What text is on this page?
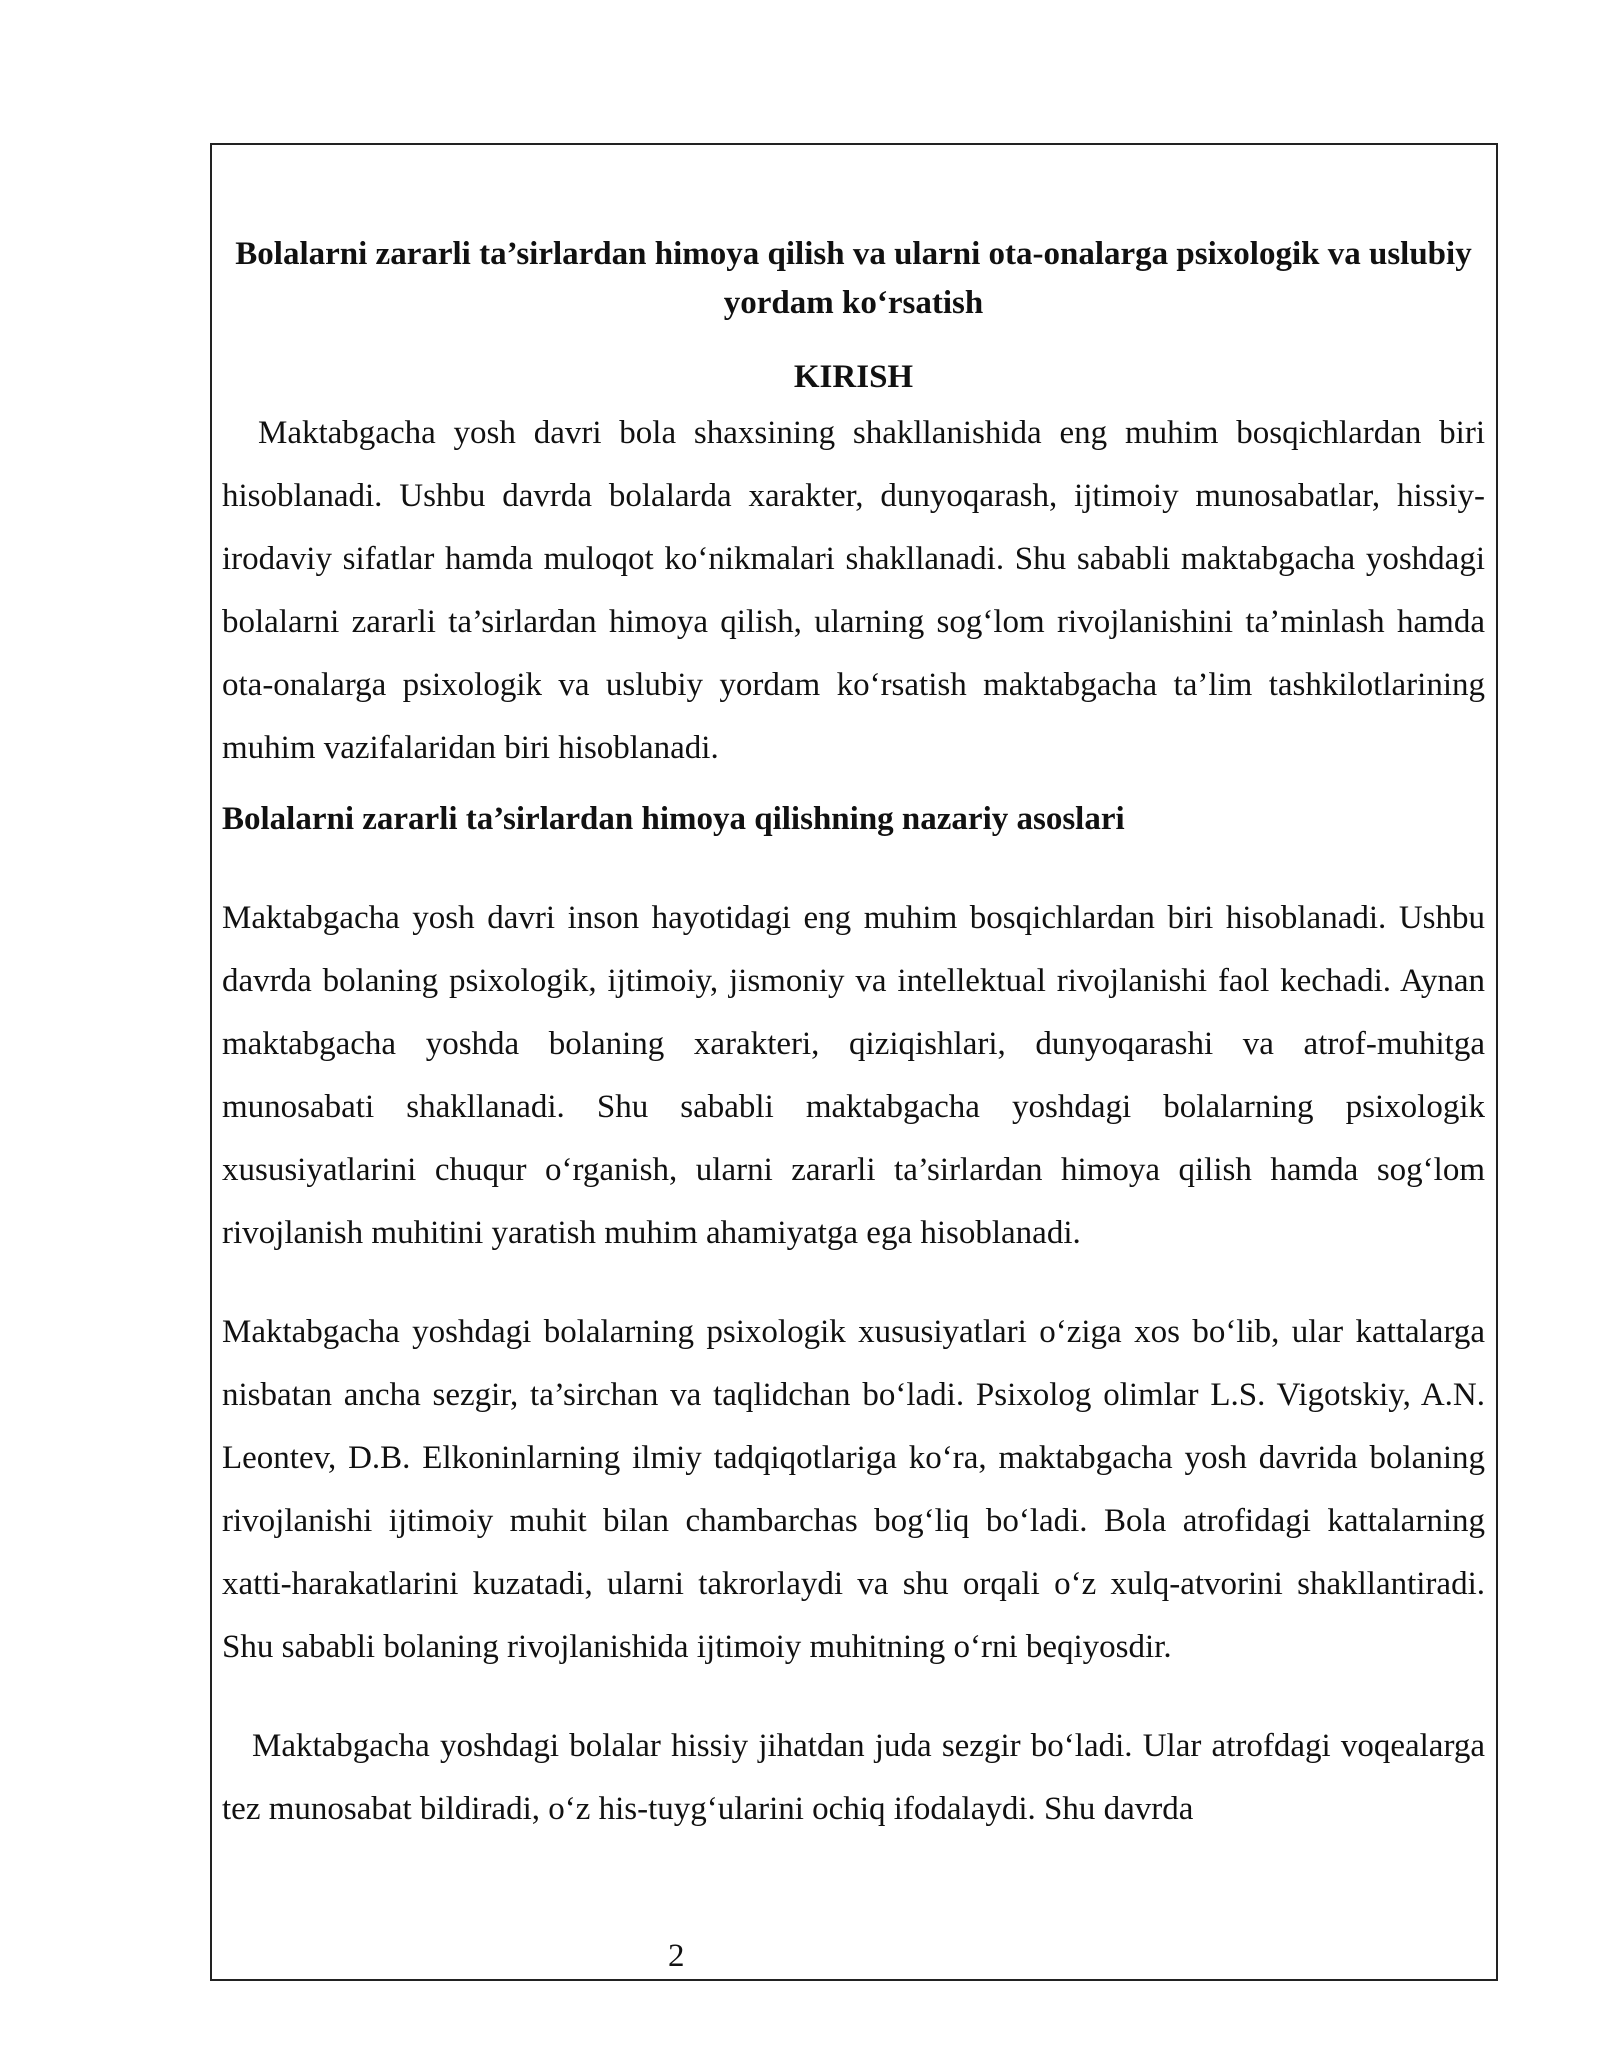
Bolalarni zararli ta’sirlardan himoya qilish va ularni ota-onalarga psixologik va uslubiy yordam ko‘rsatish

KIRISH

Maktabgacha yosh davri bola shaxsining shakllanishida eng muhim bosqichlardan biri hisoblanadi. Ushbu davrda bolalarda xarakter, dunyoqarash, ijtimoiy munosabatlar, hissiy-irodaviy sifatlar hamda muloqot ko‘nikmalari shakllanadi. Shu sababli maktabgacha yoshdagi bolalarni zararli ta’sirlardan himoya qilish, ularning sog‘lom rivojlanishini ta’minlash hamda ota-onalarga psixologik va uslubiy yordam ko‘rsatish maktabgacha ta’lim tashkilotlarining muhim vazifalaridan biri hisoblanadi.

Bolalarni zararli ta’sirlardan himoya qilishning nazariy asoslari

Maktabgacha yosh davri inson hayotidagi eng muhim bosqichlardan biri hisoblanadi. Ushbu davrda bolaning psixologik, ijtimoiy, jismoniy va intellektual rivojlanishi faol kechadi. Aynan maktabgacha yoshda bolaning xarakteri, qiziqishlari, dunyoqarashi va atrof-muhitga munosabati shakllanadi. Shu sababli maktabgacha yoshdagi bolalarning psixologik xususiyatlarini chuqur o‘rganish, ularni zararli ta’sirlardan himoya qilish hamda sog‘lom rivojlanish muhitini yaratish muhim ahamiyatga ega hisoblanadi.

Maktabgacha yoshdagi bolalarning psixologik xususiyatlari o‘ziga xos bo‘lib, ular kattalarga nisbatan ancha sezgir, ta’sirchan va taqlidchan bo‘ladi. Psixolog olimlar L.S. Vigotskiy, A.N. Leontev, D.B. Elkoninlarning ilmiy tadqiqotlariga ko‘ra, maktabgacha yosh davrida bolaning rivojlanishi ijtimoiy muhit bilan chambarchas bog‘liq bo‘ladi. Bola atrofidagi kattalarning xatti-harakatlarini kuzatadi, ularni takrorlaydi va shu orqali o‘z xulq-atvorini shakllantiradi. Shu sababli bolaning rivojlanishida ijtimoiy muhitning o‘rni beqiyosdir.

Maktabgacha yoshdagi bolalar hissiy jihatdan juda sezgir bo‘ladi. Ular atrofdagi voqealarga tez munosabat bildiradi, o‘z his-tuyg‘ularini ochiq ifodalaydi. Shu davrda

2
